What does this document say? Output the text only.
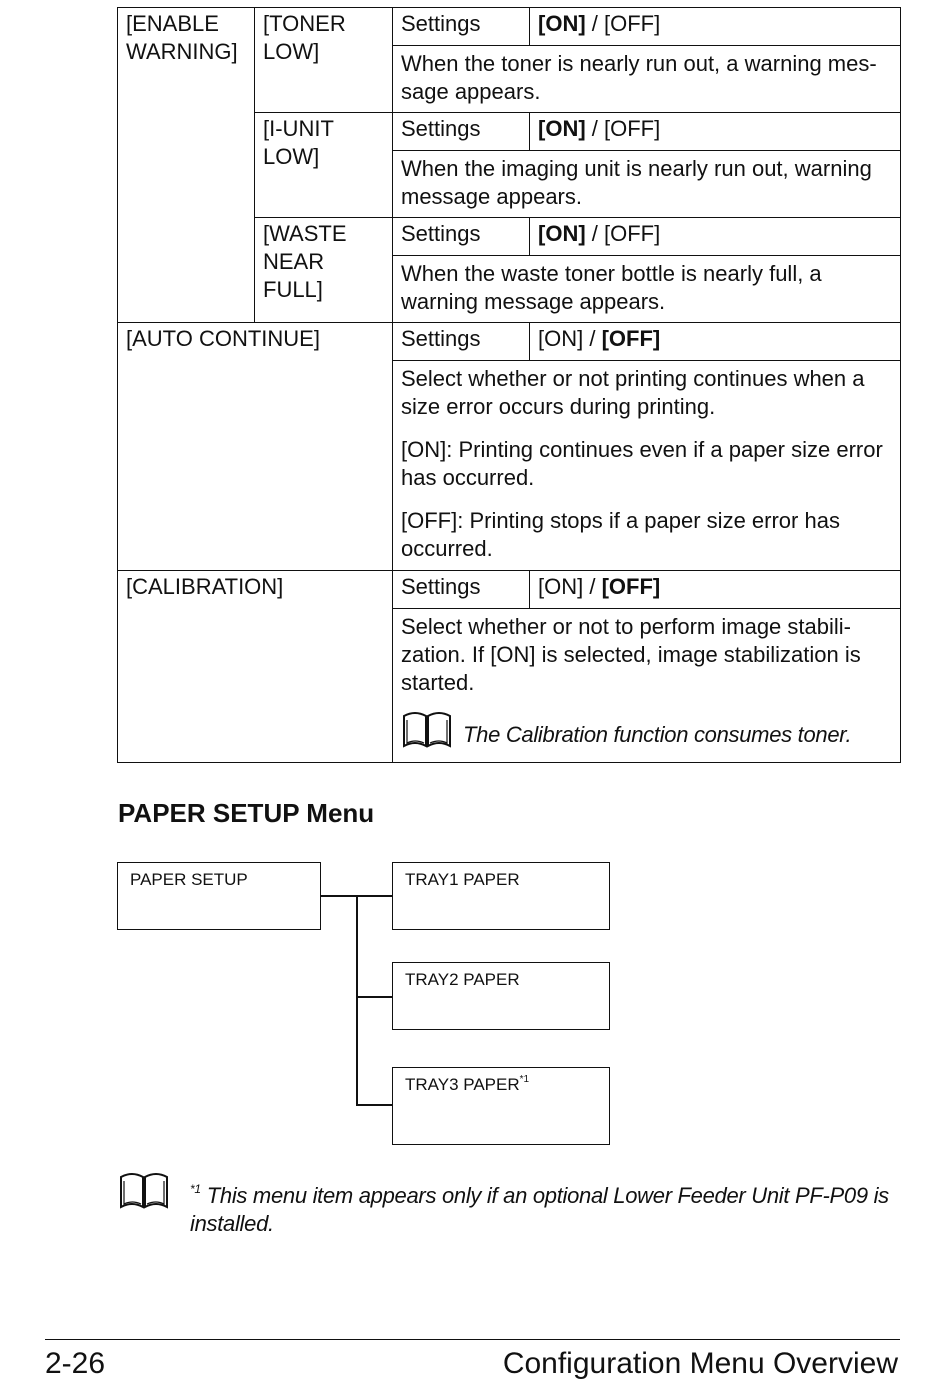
[ENABLE WARNING]	[TONER LOW]	Settings	[ON] / [OFF]
		When the toner is nearly run out, a warning mes-sage appears.	
	[I-UNIT LOW]	Settings	[ON] / [OFF]
		When the imaging unit is nearly run out, warning message appears.	
	[WASTE NEAR FULL]	Settings	[ON] / [OFF]
		When the waste toner bottle is nearly full, a warning message appears.	
[AUTO CONTINUE]		Settings	[ON] / [OFF]

		Select whether or not printing continues when a size error occurs during printing.

[ON]: Printing continues even if a paper size error has occurred.

[OFF]: Printing stops if a paper size error has occurred.	

[CALIBRATION]		Settings	[ON] / [OFF]

		Select whether or not to perform image stabili-zation. If [ON] is selected, image stabilization is started.

The Calibration function consumes toner.	
PAPER SETUP Menu
PAPER SETUP	TRAY1 PAPER
TRAY2 PAPER
TRAY3 PAPER$^{*1}$
$^{*1}$ This menu item appears only if an optional Lower Feeder Unit PF-P09 is installed.
2-26	Configuration Menu Overview
